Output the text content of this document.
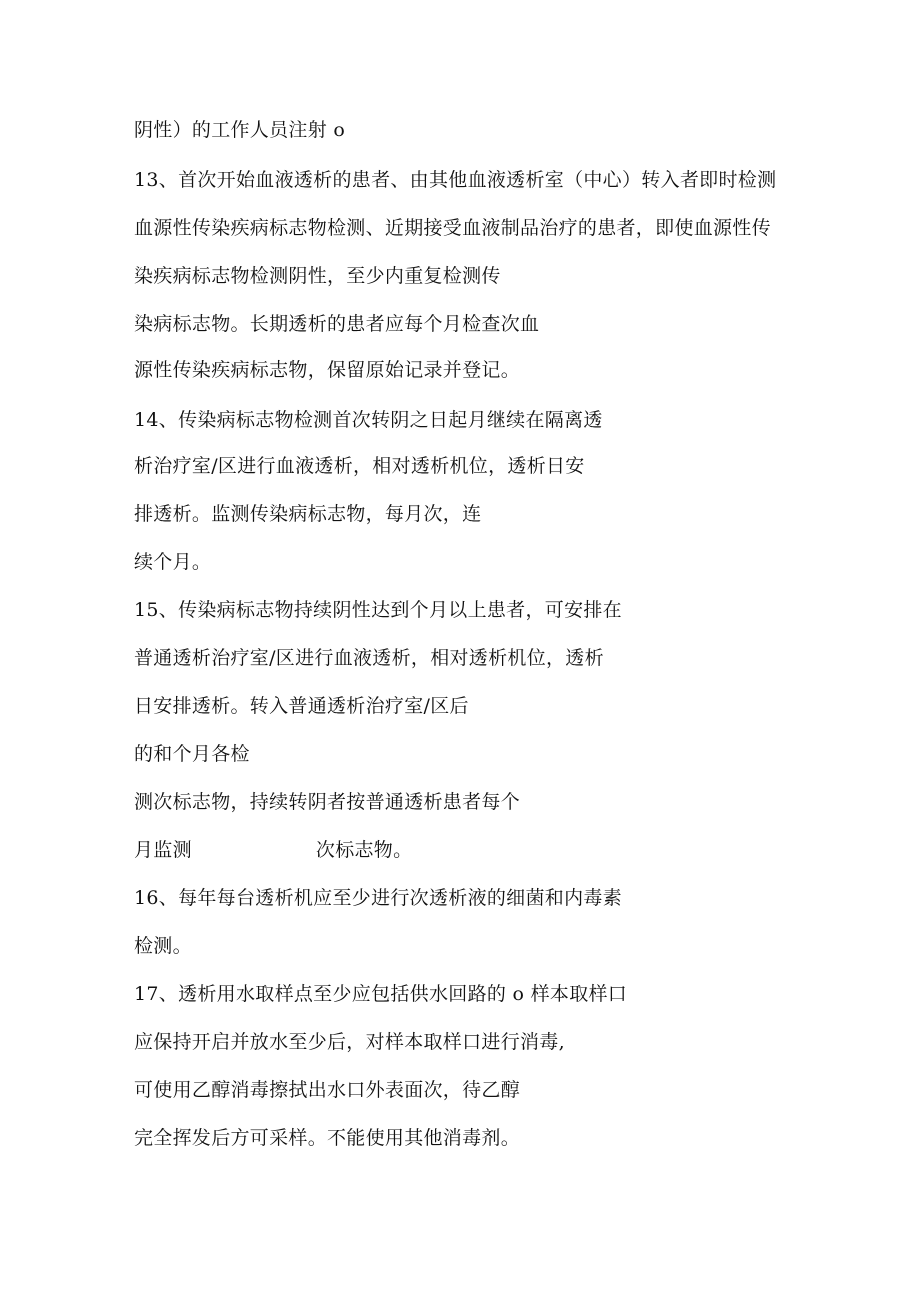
阴性）的工作人员注射 o
13、首次开始血液透析的患者、由其他血液透析室（中心）转入者即时检测
血源性传染疾病标志物检测、近期接受血液制品治疗的患者，即使血源性传
染疾病标志物检测阴性，至少内重复检测传
染病标志物。长期透析的患者应每个月检查次血
源性传染疾病标志物，保留原始记录并登记。
14、传染病标志物检测首次转阴之日起月继续在隔离透
析治疗室/区进行血液透析，相对透析机位，透析日安
排透析。监测传染病标志物，每月次，连
续个月。
15、传染病标志物持续阴性达到个月以上患者，可安排在
普通透析治疗室/区进行血液透析，相对透析机位，透析
日安排透析。转入普通透析治疗室/区后
的和个月各检
测次标志物，持续转阴者按普通透析患者每个
月监测	次标志物。
16、每年每台透析机应至少进行次透析液的细菌和内毒素
检测。
17、透析用水取样点至少应包括供水回路的 o 样本取样口
应保持开启并放水至少后，对样本取样口进行消毒,
可使用乙醇消毒擦拭出水口外表面次，待乙醇
完全挥发后方可采样。不能使用其他消毒剂。
